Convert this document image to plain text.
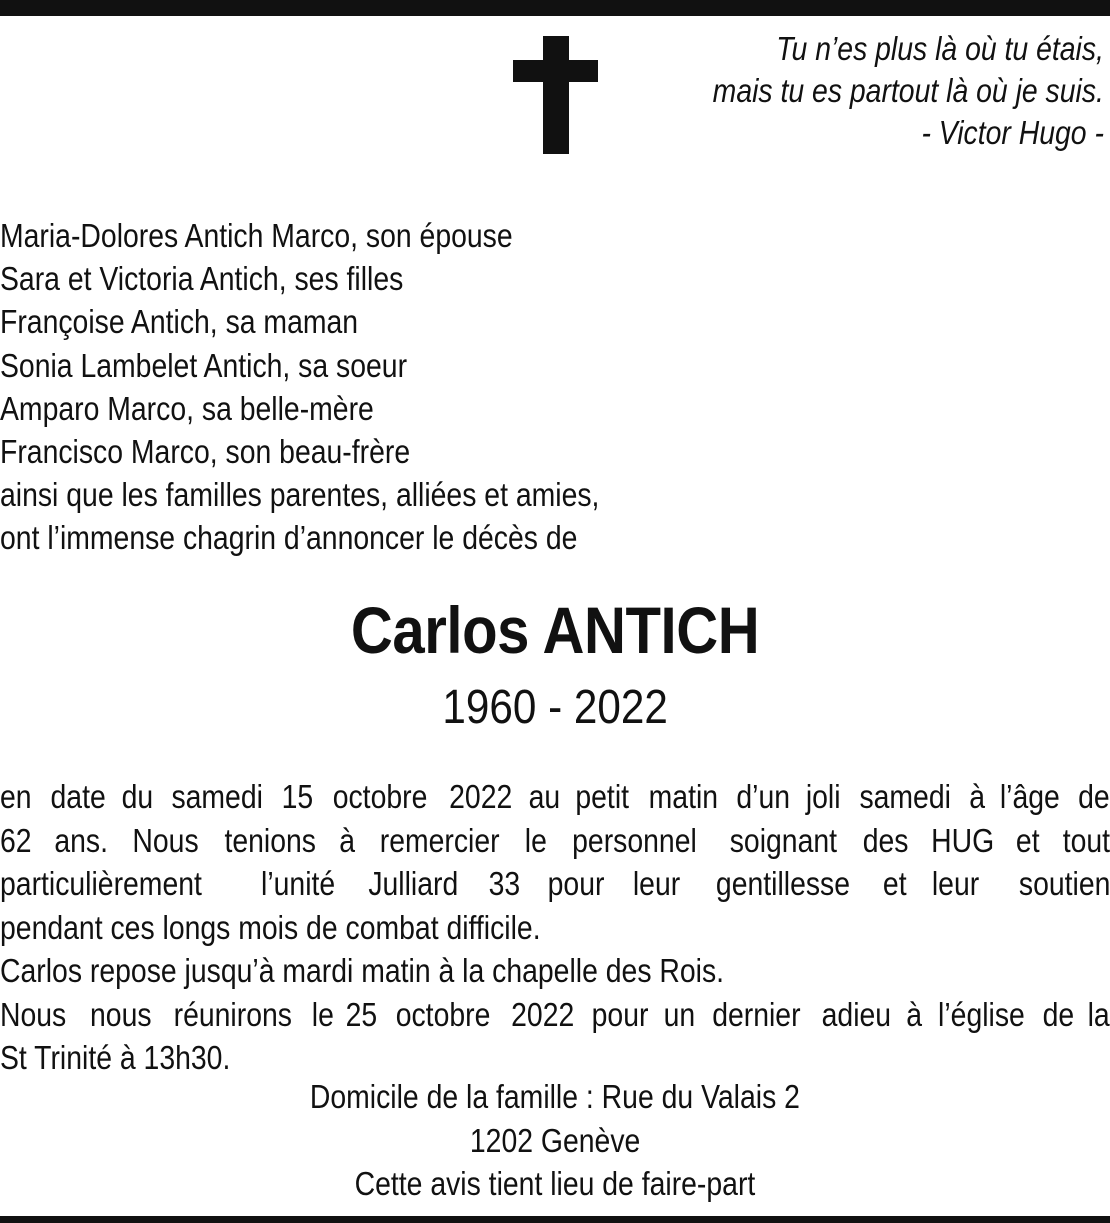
Tu n’es plus là où tu étais,
mais tu es partout là où je suis.
- Victor Hugo -
Maria-Dolores Antich Marco, son épouse
Sara et Victoria Antich, ses filles
Françoise Antich, sa maman
Sonia Lambelet Antich, sa soeur
Amparo Marco, sa belle-mère
Francisco Marco, son beau-frère
ainsi que les familles parentes, alliées et amies,
ont l’immense chagrin d’annoncer le décès de
Carlos ANTICH
1960 - 2022
en date du samedi 15 octobre 2022 au petit matin d’un joli samedi à l’âge de
62 ans. Nous tenions à remercier le personnel soignant des HUG et tout
particulièrement l’unité Julliard 33 pour leur gentillesse et leur soutien
pendant ces longs mois de combat difficile.
Carlos repose jusqu’à mardi matin à la chapelle des Rois.
Nous nous réunirons le 25 octobre 2022 pour un dernier adieu à l’église de la
St Trinité à 13h30.
Domicile de la famille : Rue du Valais 2
1202 Genève
Cette avis tient lieu de faire-part
